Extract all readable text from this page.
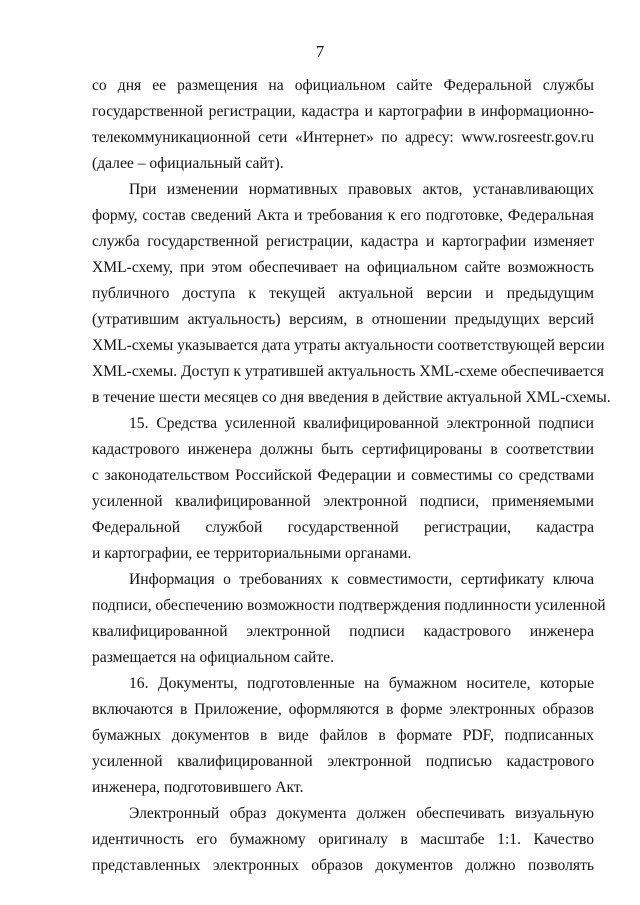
7
со дня ее размещения на официальном сайте Федеральной службы
государственной регистрации, кадастра и картографии в информационно-
телекоммуникационной сети «Интернет» по адресу: www.rosreestr.gov.ru
(далее – официальный сайт).
При изменении нормативных правовых актов, устанавливающих
форму, состав сведений Акта и требования к его подготовке, Федеральная
служба государственной регистрации, кадастра и картографии изменяет
XML-схему, при этом обеспечивает на официальном сайте возможность
публичного доступа к текущей актуальной версии и предыдущим
(утратившим актуальность) версиям, в отношении предыдущих версий
XML-схемы указывается дата утраты актуальности соответствующей версии
XML-схемы. Доступ к утратившей актуальность XML-схеме обеспечивается
в течение шести месяцев со дня введения в действие актуальной XML-схемы.
15. Средства усиленной квалифицированной электронной подписи
кадастрового инженера должны быть сертифицированы в соответствии
с законодательством Российской Федерации и совместимы со средствами
усиленной квалифицированной электронной подписи, применяемыми
Федеральной службой государственной регистрации, кадастра
и картографии, ее территориальными органами.
Информация о требованиях к совместимости, сертификату ключа
подписи, обеспечению возможности подтверждения подлинности усиленной
квалифицированной электронной подписи кадастрового инженера
размещается на официальном сайте.
16. Документы, подготовленные на бумажном носителе, которые
включаются в Приложение, оформляются в форме электронных образов
бумажных документов в виде файлов в формате PDF, подписанных
усиленной квалифицированной электронной подписью кадастрового
инженера, подготовившего Акт.
Электронный образ документа должен обеспечивать визуальную
идентичность его бумажному оригиналу в масштабе 1:1. Качество
представленных электронных образов документов должно позволять
